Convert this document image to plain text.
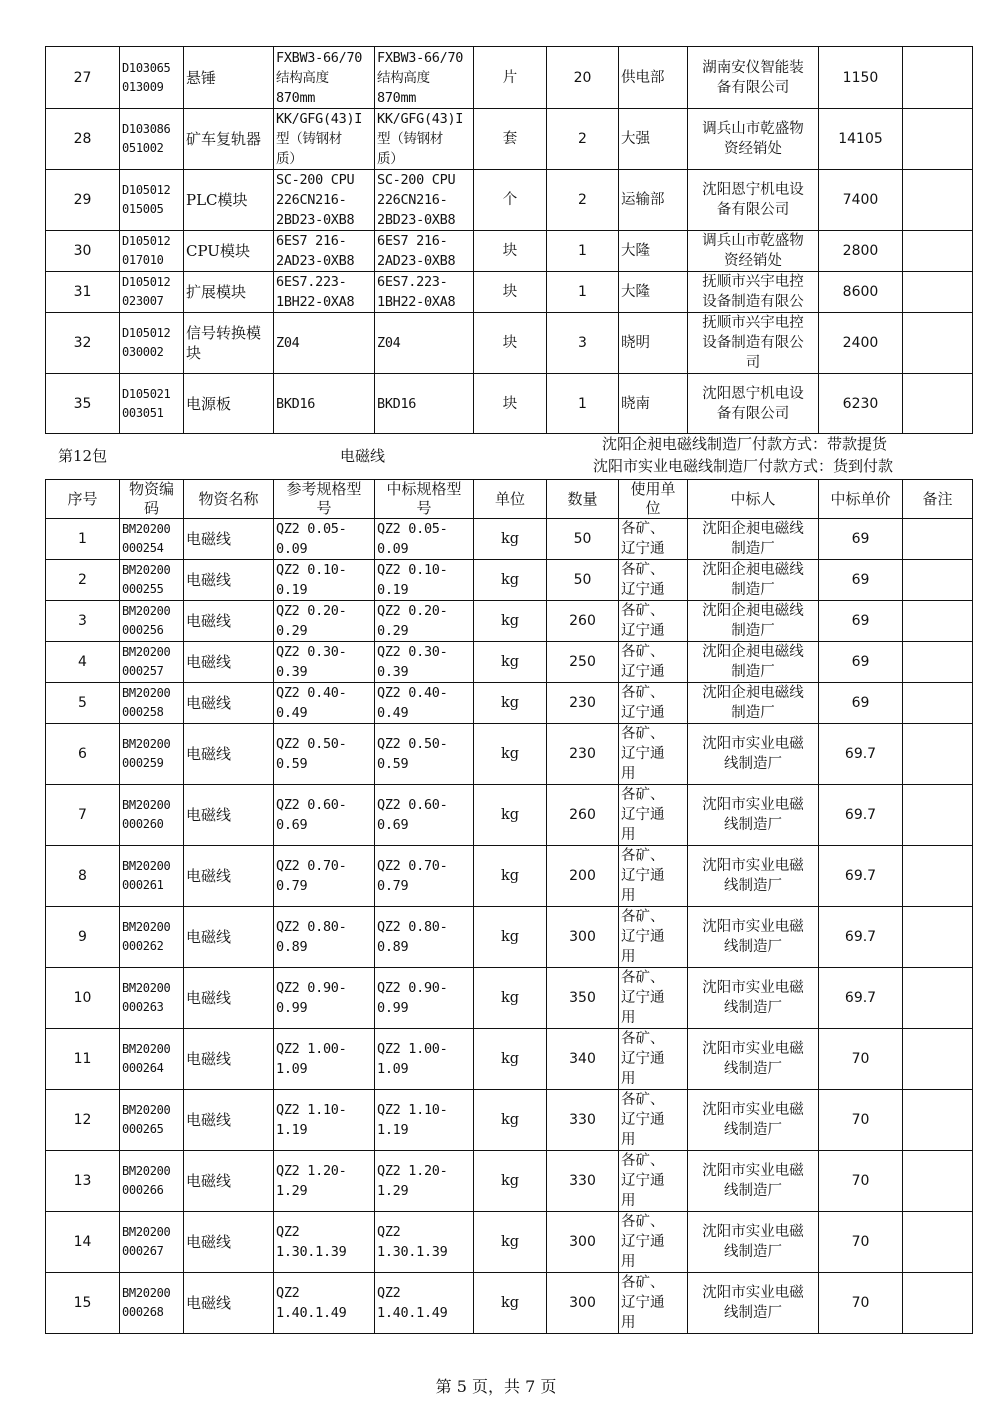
27	D103065
013009	悬锤	FXBW3-66/70
结构高度
870mm	FXBW3-66/70
结构高度
870mm	片	20	供电部	湖南安仪智能装
备有限公司	1150	
28	D103086
051002	矿车复轨器	KK/GFG(43)I
型（铸钢材
质）	KK/GFG(43)I
型（铸钢材
质）	套	2	大强	调兵山市乾盛物
资经销处	14105	
29	D105012
015005	PLC模块	SC-200 CPU
226CN216-
2BD23-0XB8	SC-200 CPU
226CN216-
2BD23-0XB8	个	2	运输部	沈阳恩宁机电设
备有限公司	7400	
30	D105012
017010	CPU模块	6ES7 216-
2AD23-0XB8	6ES7 216-
2AD23-0XB8	块	1	大隆	调兵山市乾盛物
资经销处	2800	
31	D105012
023007	扩展模块	6ES7.223-
1BH22-0XA8	6ES7.223-
1BH22-0XA8	块	1	大隆	抚顺市兴宇电控
设备制造有限公	8600	
32	D105012
030002	信号转换模
块	Z04	Z04	块	3	晓明	抚顺市兴宇电控
设备制造有限公
司	2400	
35	D105021
003051	电源板	BKD16	BKD16	块	1	晓南	沈阳恩宁机电设
备有限公司	6230	
第12包	电磁线
沈阳企昶电磁线制造厂付款方式：带款提货
沈阳市实业电磁线制造厂付款方式：货到付款
序号	物资编
码	物资名称	参考规格型
号	中标规格型
号	单位	数量	使用单
位	中标人	中标单价	备注
1	BM20200
000254	电磁线	QZ2 0.05-
0.09	QZ2 0.05-
0.09	kg	50	各矿、
辽宁通	沈阳企昶电磁线
制造厂	69	
2	BM20200
000255	电磁线	QZ2 0.10-
0.19	QZ2 0.10-
0.19	kg	50	各矿、
辽宁通	沈阳企昶电磁线
制造厂	69	
3	BM20200
000256	电磁线	QZ2 0.20-
0.29	QZ2 0.20-
0.29	kg	260	各矿、
辽宁通	沈阳企昶电磁线
制造厂	69	
4	BM20200
000257	电磁线	QZ2 0.30-
0.39	QZ2 0.30-
0.39	kg	250	各矿、
辽宁通	沈阳企昶电磁线
制造厂	69	
5	BM20200
000258	电磁线	QZ2 0.40-
0.49	QZ2 0.40-
0.49	kg	230	各矿、
辽宁通	沈阳企昶电磁线
制造厂	69	
6	BM20200
000259	电磁线	QZ2 0.50-
0.59	QZ2 0.50-
0.59	kg	230	各矿、
辽宁通
用	沈阳市实业电磁
线制造厂	69.7	
7	BM20200
000260	电磁线	QZ2 0.60-
0.69	QZ2 0.60-
0.69	kg	260	各矿、
辽宁通
用	沈阳市实业电磁
线制造厂	69.7	
8	BM20200
000261	电磁线	QZ2 0.70-
0.79	QZ2 0.70-
0.79	kg	200	各矿、
辽宁通
用	沈阳市实业电磁
线制造厂	69.7	
9	BM20200
000262	电磁线	QZ2 0.80-
0.89	QZ2 0.80-
0.89	kg	300	各矿、
辽宁通
用	沈阳市实业电磁
线制造厂	69.7	
10	BM20200
000263	电磁线	QZ2 0.90-
0.99	QZ2 0.90-
0.99	kg	350	各矿、
辽宁通
用	沈阳市实业电磁
线制造厂	69.7	
11	BM20200
000264	电磁线	QZ2 1.00-
1.09	QZ2 1.00-
1.09	kg	340	各矿、
辽宁通
用	沈阳市实业电磁
线制造厂	70	
12	BM20200
000265	电磁线	QZ2 1.10-
1.19	QZ2 1.10-
1.19	kg	330	各矿、
辽宁通
用	沈阳市实业电磁
线制造厂	70	
13	BM20200
000266	电磁线	QZ2 1.20-
1.29	QZ2 1.20-
1.29	kg	330	各矿、
辽宁通
用	沈阳市实业电磁
线制造厂	70	
14	BM20200
000267	电磁线	QZ2
1.30.1.39	QZ2
1.30.1.39	kg	300	各矿、
辽宁通
用	沈阳市实业电磁
线制造厂	70	
15	BM20200
000268	电磁线	QZ2
1.40.1.49	QZ2
1.40.1.49	kg	300	各矿、
辽宁通
用	沈阳市实业电磁
线制造厂	70	
第 5 页，共 7 页
